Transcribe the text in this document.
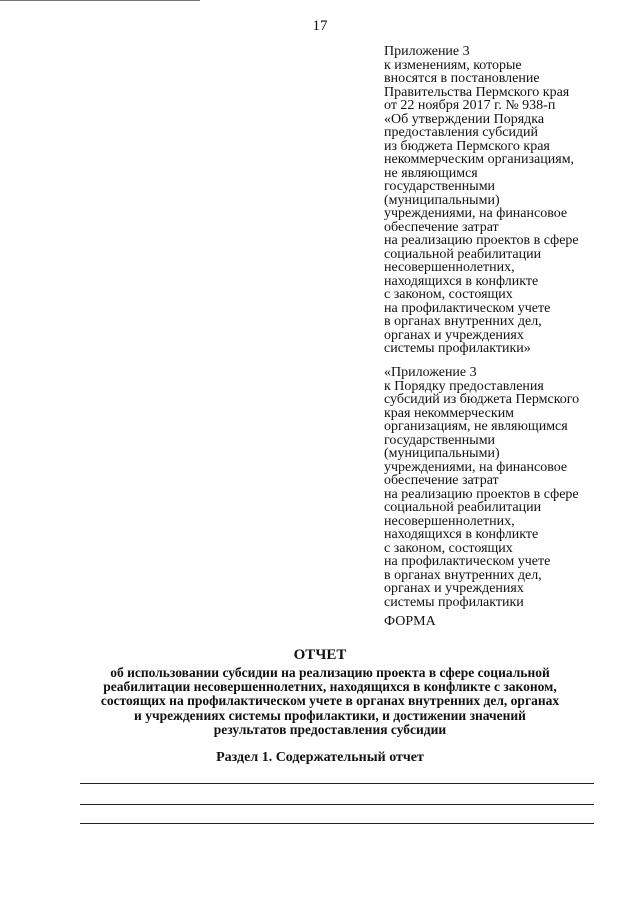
17
Приложение 3
к изменениям, которые
вносятся в постановление
Правительства Пермского края
от 22 ноября 2017 г. № 938-п
«Об утверждении Порядка
предоставления субсидий
из бюджета Пермского края
некоммерческим организациям,
не являющимся
государственными
(муниципальными)
учреждениями, на финансовое
обеспечение затрат
на реализацию проектов в сфере
социальной реабилитации
несовершеннолетних,
находящихся в конфликте
с законом, состоящих
на профилактическом учете
в органах внутренних дел,
органах и учреждениях
системы профилактики»
«Приложение 3
к Порядку предоставления
субсидий из бюджета Пермского
края некоммерческим
организациям, не являющимся
государственными
(муниципальными)
учреждениями, на финансовое
обеспечение затрат
на реализацию проектов в сфере
социальной реабилитации
несовершеннолетних,
находящихся в конфликте
с законом, состоящих
на профилактическом учете
в органах внутренних дел,
органах и учреждениях
системы профилактики
ФОРМА
ОТЧЕТ
об использовании субсидии на реализацию проекта в сфере социальной
реабилитации несовершеннолетних, находящихся в конфликте с законом,
состоящих на профилактическом учете в органах внутренних дел, органах
и учреждениях системы профилактики, и достижении значений
результатов предоставления субсидии
Раздел 1. Содержательный отчет
